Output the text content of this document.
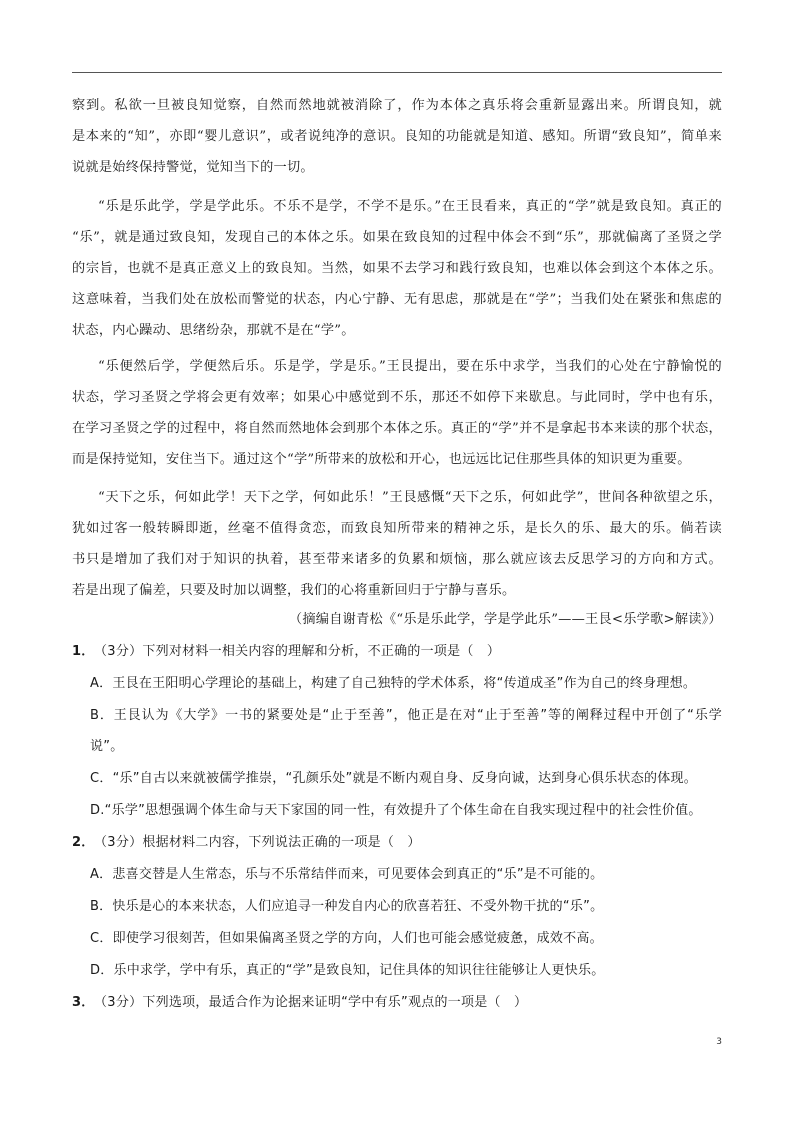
察到。私欲一旦被良知觉察，自然而然地就被消除了，作为本体之真乐将会重新显露出来。所谓良知，就
是本来的“知”，亦即“婴儿意识”，或者说纯净的意识。良知的功能就是知道、感知。所谓“致良知”，简单来
说就是始终保持警觉，觉知当下的一切。
“乐是乐此学，学是学此乐。不乐不是学，不学不是乐。”在王艮看来，真正的“学”就是致良知。真正的
“乐”，就是通过致良知，发现自己的本体之乐。如果在致良知的过程中体会不到“乐”，那就偏离了圣贤之学
的宗旨，也就不是真正意义上的致良知。当然，如果不去学习和践行致良知，也难以体会到这个本体之乐。
这意味着，当我们处在放松而警觉的状态，内心宁静、无有思虑，那就是在“学”；当我们处在紧张和焦虑的
状态，内心躁动、思绪纷杂，那就不是在“学”。
“乐便然后学，学便然后乐。乐是学，学是乐。”王艮提出，要在乐中求学，当我们的心处在宁静愉悦的
状态，学习圣贤之学将会更有效率；如果心中感觉到不乐，那还不如停下来歇息。与此同时，学中也有乐，
在学习圣贤之学的过程中，将自然而然地体会到那个本体之乐。真正的“学”并不是拿起书本来读的那个状态，
而是保持觉知，安住当下。通过这个“学”所带来的放松和开心，也远远比记住那些具体的知识更为重要。
“天下之乐，何如此学！天下之学，何如此乐！”王艮感慨“天下之乐，何如此学”，世间各种欲望之乐，
犹如过客一般转瞬即逝，丝毫不值得贪恋，而致良知所带来的精神之乐，是长久的乐、最大的乐。倘若读
书只是增加了我们对于知识的执着，甚至带来诸多的负累和烦恼，那么就应该去反思学习的方向和方式。
若是出现了偏差，只要及时加以调整，我们的心将重新回归于宁静与喜乐。
（摘编自谢青松《“乐是乐此学，学是学此乐”——王艮<乐学歌>解读》）
1． （3分）下列对材料一相关内容的理解和分析，不正确的一项是（　）
A．王艮在王阳明心学理论的基础上，构建了自己独特的学术体系，将“传道成圣”作为自己的终身理想。
B．王艮认为《大学》一书的紧要处是“止于至善”，他正是在对“止于至善”等的阐释过程中开创了“乐学
说”。
C．“乐”自古以来就被儒学推崇，“孔颜乐处”就是不断内观自身、反身向诚，达到身心俱乐状态的体现。
D.“乐学”思想强调个体生命与天下家国的同一性，有效提升了个体生命在自我实现过程中的社会性价值。
2． （3分）根据材料二内容，下列说法正确的一项是（　）
A．悲喜交替是人生常态，乐与不乐常结伴而来，可见要体会到真正的“乐”是不可能的。
B．快乐是心的本来状态，人们应追寻一种发自内心的欣喜若狂、不受外物干扰的“乐”。
C．即使学习很刻苦，但如果偏离圣贤之学的方向，人们也可能会感觉疲惫，成效不高。
D．乐中求学，学中有乐，真正的“学”是致良知，记住具体的知识往往能够让人更快乐。
3． （3分）下列选项，最适合作为论据来证明“学中有乐”观点的一项是（　）
3
